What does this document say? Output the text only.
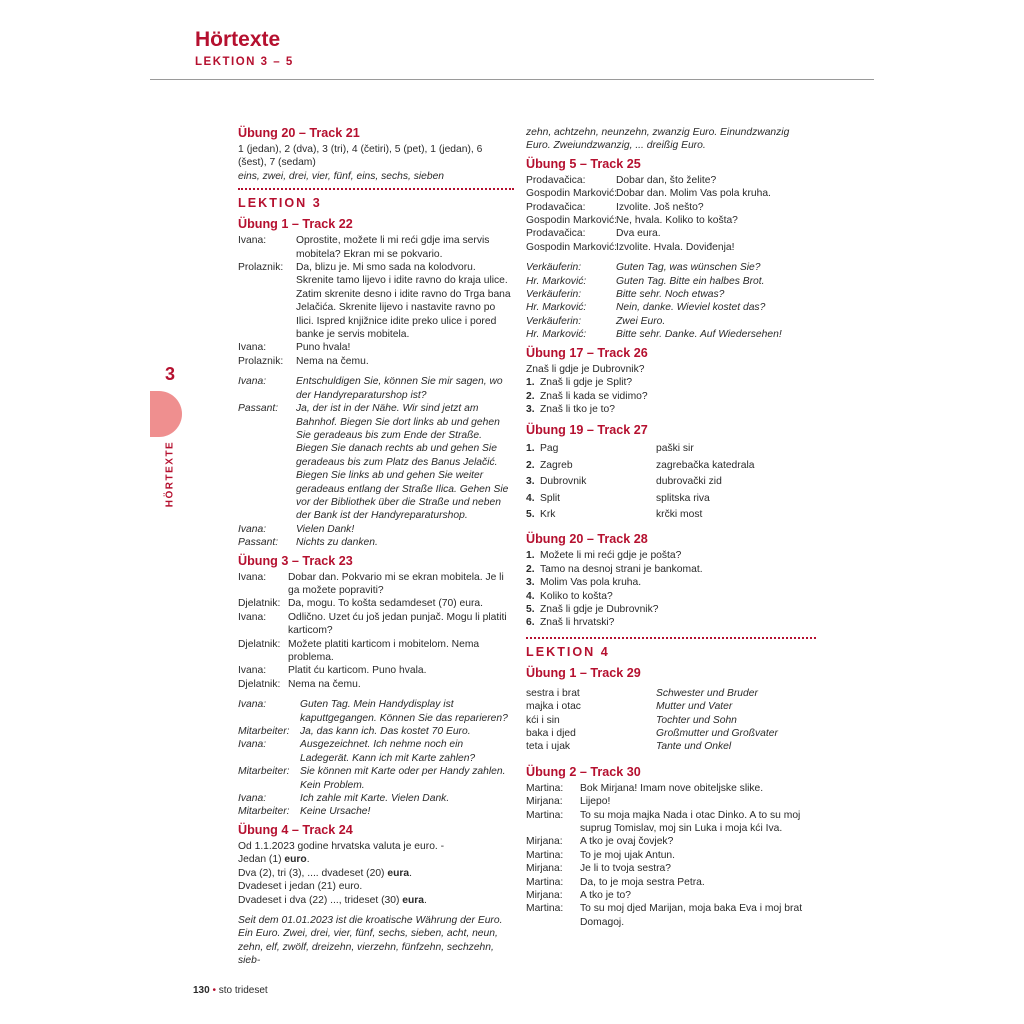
Hörtexte
LEKTION 3 – 5
3
HÖRTEXTE
Übung 20 – Track 21

1 (jedan), 2 (dva), 3 (tri), 4 (četiri), 5 (pet), 1 (jedan), 6

(šest), 7 (sedam)

eins, zwei, drei, vier, fünf, eins, sechs, sieben

LEKTION 3
Übung 1 – Track 22
Ivana:	Oprostite, možete li mi reći gdje ima servis mobitela? Ekran mi se pokvario.
Prolaznik:	Da, blizu je. Mi smo sada na kolodvoru. Skrenite tamo lijevo i idite ravno do kraja ulice. Zatim skrenite desno i idite ravno do Trga bana Jelačića. Skrenite lijevo i nastavite ravno po Ilici. Ispred knjižnice idite preko ulice i pored banke je servis mobitela.
Ivana:	Puno hvala!
Prolaznik:	Nema na čemu.
Ivana:	Entschuldigen Sie, können Sie mir sagen, wo der Handyreparaturshop ist?
Passant:	Ja, der ist in der Nähe. Wir sind jetzt am Bahnhof. Biegen Sie dort links ab und gehen Sie geradeaus bis zum Ende der Straße. Biegen Sie danach rechts ab und gehen Sie geradeaus bis zum Platz des Banus Jelačić. Biegen Sie links ab und gehen Sie weiter geradeaus entlang der Straße Ilica. Gehen Sie vor der Bibliothek über die Straße und neben der Bank ist der Handyreparaturshop.
Ivana:	Vielen Dank!
Passant:	Nichts zu danken.
Übung 3 – Track 23
Ivana:	Dobar dan. Pokvario mi se ekran mobitela. Je li ga možete popraviti?
Djelatnik: Da, mogu. To košta sedamdeset (70) eura.
Ivana:	Odlično. Uzet ću još jedan punjač. Mogu li platiti karticom?
Djelatnik: Možete platiti karticom i mobitelom. Nema problema.
Ivana:	Platit ću karticom. Puno hvala.
Djelatnik: Nema na čemu.
Ivana:	Guten Tag. Mein Handydisplay ist kaputtgegangen. Können Sie das reparieren?
Mitarbeiter:	Ja, das kann ich. Das kostet 70 Euro.
Ivana:	Ausgezeichnet. Ich nehme noch ein Ladegerät. Kann ich mit Karte zahlen?
Mitarbeiter:	Sie können mit Karte oder per Handy zahlen. Kein Problem.
Ivana:	Ich zahle mit Karte. Vielen Dank.
Mitarbeiter:	Keine Ursache!
Übung 4 – Track 24

Od 1.1.2023 godine hrvatska valuta je euro. -

Jedan (1) euro.

Dva (2), tri (3), .... dvadeset (20) eura.

Dvadeset i jedan (21) euro.

Dvadeset i dva (22) ..., trideset (30) eura.

Seit dem 01.01.2023 ist die kroatische Währung der Euro. Ein Euro. Zwei, drei, vier, fünf, sechs, sieben, acht, neun, zehn, elf, zwölf, dreizehn, vierzehn, fünfzehn, sechzehn, sieb-

zehn, achtzehn, neunzehn, zwanzig Euro. Einundzwanzig Euro. Zweiundzwanzig, ... dreißig Euro.

Übung 5 – Track 25
Prodavačica:	Dobar dan, što želite?
Gospodin Marković: Dobar dan. Molim Vas pola kruha.
Prodavačica:	Izvolite. Još nešto?
Gospodin Marković: Ne, hvala. Koliko to košta?
Prodavačica:	Dva eura.
Gospodin Marković: Izvolite. Hvala. Doviđenja!
Verkäuferin:	Guten Tag, was wünschen Sie?
Hr. Marković:	Guten Tag. Bitte ein halbes Brot.
Verkäuferin:	Bitte sehr. Noch etwas?
Hr. Marković:	Nein, danke. Wieviel kostet das?
Verkäuferin:	Zwei Euro.
Hr. Marković:	Bitte sehr. Danke. Auf Wiedersehen!
Übung 17 – Track 26

Znaš li gdje je Dubrovnik?

1. Znaš li gdje je Split?
2. Znaš li kada se vidimo?
3. Znaš li tko je to?
Übung 19 – Track 27
1. Pag	paški sir
2. Zagreb	zagrebačka katedrala
3. Dubrovnik	dubrovački zid
4. Split	splitska riva
5. Krk	krčki most
Übung 20 – Track 28
1. Možete li mi reći gdje je pošta?
2. Tamo na desnoj strani je bankomat.
3. Molim Vas pola kruha.
4. Koliko to košta?
5. Znaš li gdje je Dubrovnik?
6. Znaš li hrvatski?
LEKTION 4
Übung 1 – Track 29
sestra i brat	Schwester und Bruder
majka i otac	Mutter und Vater
kći i sin	Tochter und Sohn
baka i djed	Großmutter und Großvater
teta i ujak	Tante und Onkel
Übung 2 – Track 30
Martina:	Bok Mirjana! Imam nove obiteljske slike.
Mirjana:	Lijepo!
Martina:	To su moja majka Nada i otac Dinko. A to su moj suprug Tomislav, moj sin Luka i moja kći Iva.
Mirjana:	A tko je ovaj čovjek?
Martina:	To je moj ujak Antun.
Mirjana:	Je li to tvoja sestra?
Martina:	Da, to je moja sestra Petra.
Mirjana:	A tko je to?
Martina:	To su moj djed Marijan, moja baka Eva i moj brat Domagoj.
130 • sto trideset
